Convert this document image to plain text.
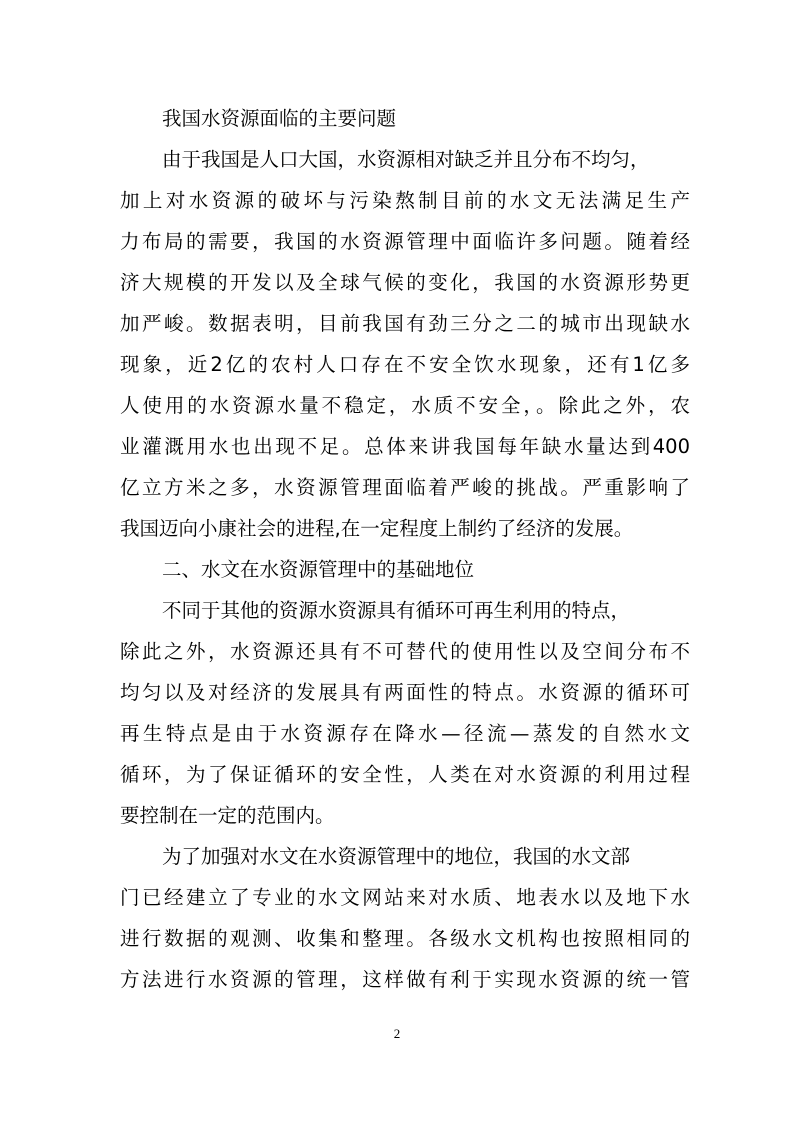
我国水资源面临的主要问题
由于我国是人口大国，水资源相对缺乏并且分布不均匀，
加上对水资源的破坏与污染熬制目前的水文无法满足生产
力布局的需要，我国的水资源管理中面临许多问题。随着经
济大规模的开发以及全球气候的变化，我国的水资源形势更
加严峻。数据表明，目前我国有劲三分之二的城市出现缺水
现象，近2亿的农村人口存在不安全饮水现象，还有1亿多
人使用的水资源水量不稳定，水质不安全，。除此之外，农
业灌溉用水也出现不足。总体来讲我国每年缺水量达到400
亿立方米之多，水资源管理面临着严峻的挑战。严重影响了
我国迈向小康社会的进程,在一定程度上制约了经济的发展。
二、水文在水资源管理中的基础地位
不同于其他的资源水资源具有循环可再生利用的特点，
除此之外，水资源还具有不可替代的使用性以及空间分布不
均匀以及对经济的发展具有两面性的特点。水资源的循环可
再生特点是由于水资源存在降水—径流—蒸发的自然水文
循环，为了保证循环的安全性，人类在对水资源的利用过程
要控制在一定的范围内。
为了加强对水文在水资源管理中的地位，我国的水文部
门已经建立了专业的水文网站来对水质、地表水以及地下水
进行数据的观测、收集和整理。各级水文机构也按照相同的
方法进行水资源的管理，这样做有利于实现水资源的统一管
2
